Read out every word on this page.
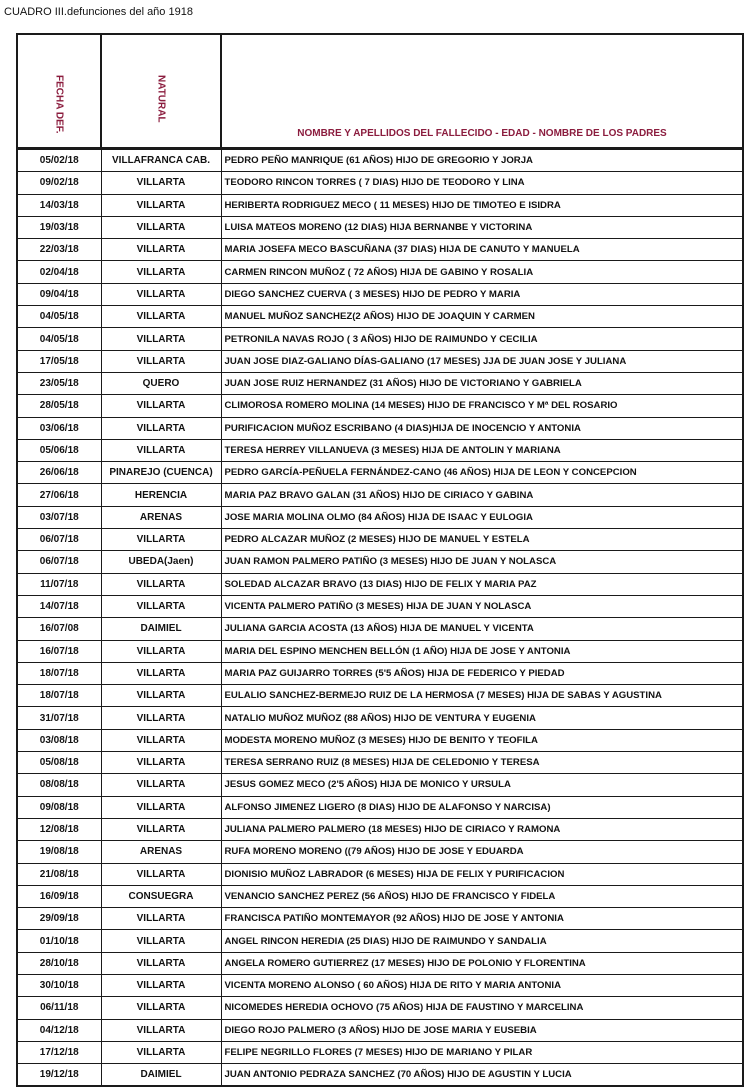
CUADRO III.defunciones del año 1918
FECHA DEF.	NATURAL	NOMBRE Y APELLIDOS DEL FALLECIDO - EDAD - NOMBRE DE LOS PADRES

05/02/18	VILLAFRANCA CAB.	PEDRO PEÑO MANRIQUE (61 AÑOS) HIJO DE GREGORIO Y JORJA
09/02/18	VILLARTA	TEODORO RINCON TORRES ( 7 DIAS) HIJO DE TEODORO Y LINA
14/03/18	VILLARTA	HERIBERTA RODRIGUEZ MECO ( 11 MESES) HIJO DE TIMOTEO E ISIDRA
19/03/18	VILLARTA	LUISA MATEOS MORENO (12 DIAS) HIJA BERNANBE Y VICTORINA
22/03/18	VILLARTA	MARIA JOSEFA MECO BASCUÑANA (37 DIAS) HIJA DE CANUTO Y MANUELA
02/04/18	VILLARTA	CARMEN RINCON MUÑOZ ( 72 AÑOS) HIJA DE GABINO Y ROSALIA
09/04/18	VILLARTA	DIEGO SANCHEZ CUERVA ( 3 MESES) HIJO DE PEDRO Y MARIA
04/05/18	VILLARTA	MANUEL MUÑOZ SANCHEZ(2 AÑOS) HIJO DE JOAQUIN Y CARMEN
04/05/18	VILLARTA	PETRONILA NAVAS ROJO ( 3 AÑOS) HIJO DE RAIMUNDO Y CECILIA
17/05/18	VILLARTA	JUAN JOSE DIAZ-GALIANO DÍAS-GALIANO (17 MESES) JJA DE JUAN JOSE Y JULIANA
23/05/18	QUERO	JUAN JOSE RUIZ HERNANDEZ (31 AÑOS) HIJO DE VICTORIANO Y GABRIELA
28/05/18	VILLARTA	CLIMOROSA ROMERO MOLINA (14 MESES) HIJO DE FRANCISCO Y Mª DEL ROSARIO
03/06/18	VILLARTA	PURIFICACION MUÑOZ ESCRIBANO (4 DIAS)HIJA DE INOCENCIO Y ANTONIA
05/06/18	VILLARTA	TERESA HERREY VILLANUEVA (3 MESES) HIJA DE ANTOLIN Y MARIANA
26/06/18	PINAREJO (CUENCA)	PEDRO GARCÍA-PEÑUELA FERNÁNDEZ-CANO (46 AÑOS) HIJA DE LEON Y CONCEPCION
27/06/18	HERENCIA	MARIA PAZ BRAVO GALAN (31 AÑOS) HIJO DE CIRIACO Y GABINA
03/07/18	ARENAS	JOSE MARIA MOLINA OLMO (84 AÑOS) HIJA DE ISAAC Y EULOGIA
06/07/18	VILLARTA	PEDRO ALCAZAR MUÑOZ (2 MESES) HIJO DE MANUEL Y ESTELA
06/07/18	UBEDA(Jaen)	JUAN RAMON PALMERO PATIÑO (3 MESES) HIJO DE JUAN Y NOLASCA
11/07/18	VILLARTA	SOLEDAD ALCAZAR BRAVO (13 DIAS) HIJO DE FELIX Y MARIA PAZ
14/07/18	VILLARTA	VICENTA PALMERO PATIÑO (3 MESES) HIJA DE JUAN Y NOLASCA
16/07/08	DAIMIEL	JULIANA GARCIA ACOSTA (13 AÑOS) HIJA DE MANUEL Y VICENTA
16/07/18	VILLARTA	MARIA DEL ESPINO MENCHEN BELLÓN (1 AÑO) HIJA DE JOSE Y ANTONIA
18/07/18	VILLARTA	MARIA PAZ GUIJARRO TORRES (5'5 AÑOS) HIJA DE FEDERICO Y PIEDAD
18/07/18	VILLARTA	EULALIO SANCHEZ-BERMEJO RUIZ DE LA HERMOSA (7 MESES) HIJA DE SABAS Y AGUSTINA
31/07/18	VILLARTA	NATALIO MUÑOZ MUÑOZ (88 AÑOS) HIJO DE VENTURA Y EUGENIA
03/08/18	VILLARTA	MODESTA MORENO MUÑOZ (3 MESES) HIJO DE BENITO Y TEOFILA
05/08/18	VILLARTA	TERESA SERRANO RUIZ (8 MESES) HIJA DE CELEDONIO Y TERESA
08/08/18	VILLARTA	JESUS GOMEZ MECO (2'5 AÑOS) HIJA DE MONICO Y URSULA
09/08/18	VILLARTA	ALFONSO JIMENEZ LIGERO (8 DIAS) HIJO DE ALAFONSO Y NARCISA)
12/08/18	VILLARTA	JULIANA PALMERO PALMERO (18 MESES) HIJO DE CIRIACO Y RAMONA
19/08/18	ARENAS	RUFA MORENO MORENO ((79 AÑOS) HIJO DE JOSE Y EDUARDA
21/08/18	VILLARTA	DIONISIO MUÑOZ LABRADOR (6 MESES) HIJA DE FELIX Y PURIFICACION
16/09/18	CONSUEGRA	VENANCIO SANCHEZ PEREZ (56 AÑOS) HIJO DE FRANCISCO Y FIDELA
29/09/18	VILLARTA	FRANCISCA PATIÑO MONTEMAYOR (92 AÑOS) HIJO DE JOSE Y ANTONIA
01/10/18	VILLARTA	ANGEL RINCON HEREDIA (25 DIAS) HIJO DE RAIMUNDO Y SANDALIA
28/10/18	VILLARTA	ANGELA ROMERO GUTIERREZ (17 MESES) HIJO DE POLONIO Y FLORENTINA
30/10/18	VILLARTA	VICENTA MORENO ALONSO ( 60 AÑOS) HIJA DE RITO Y MARIA ANTONIA
06/11/18	VILLARTA	NICOMEDES HEREDIA OCHOVO (75 AÑOS) HIJA DE FAUSTINO Y MARCELINA
04/12/18	VILLARTA	DIEGO ROJO PALMERO (3 AÑOS) HIJO DE JOSE MARIA Y EUSEBIA
17/12/18	VILLARTA	FELIPE NEGRILLO FLORES (7 MESES) HIJO DE MARIANO Y PILAR
19/12/18	DAIMIEL	JUAN ANTONIO PEDRAZA SANCHEZ (70 AÑOS) HIJO DE AGUSTIN Y LUCIA
